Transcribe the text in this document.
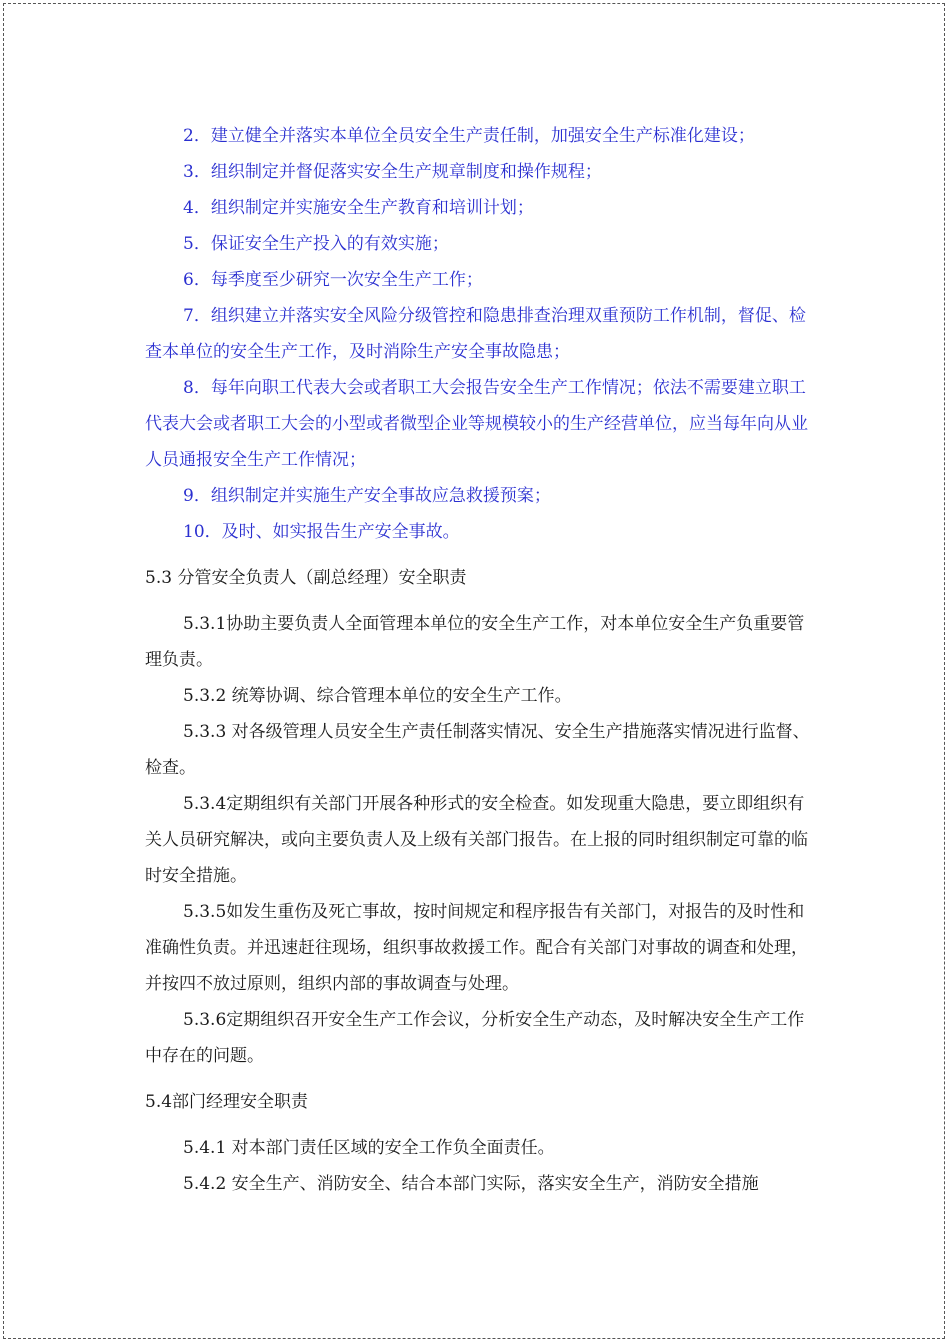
2．建立健全并落实本单位全员安全生产责任制，加强安全生产标准化建设；

3．组织制定并督促落实安全生产规章制度和操作规程；

4．组织制定并实施安全生产教育和培训计划；

5．保证安全生产投入的有效实施；

6．每季度至少研究一次安全生产工作；

7．组织建立并落实安全风险分级管控和隐患排查治理双重预防工作机制，督促、检查本单位的安全生产工作，及时消除生产安全事故隐患；

8．每年向职工代表大会或者职工大会报告安全生产工作情况；依法不需要建立职工代表大会或者职工大会的小型或者微型企业等规模较小的生产经营单位，应当每年向从业人员通报安全生产工作情况；

9．组织制定并实施生产安全事故应急救援预案；

10．及时、如实报告生产安全事故。

5.3 分管安全负责人（副总经理）安全职责

5.3.1协助主要负责人全面管理本单位的安全生产工作，对本单位安全生产负重要管理负责。

5.3.2 统筹协调、综合管理本单位的安全生产工作。

5.3.3 对各级管理人员安全生产责任制落实情况、安全生产措施落实情况进行监督、检查。

5.3.4定期组织有关部门开展各种形式的安全检查。如发现重大隐患，要立即组织有关人员研究解决，或向主要负责人及上级有关部门报告。在上报的同时组织制定可靠的临时安全措施。

5.3.5如发生重伤及死亡事故，按时间规定和程序报告有关部门，对报告的及时性和准确性负责。并迅速赶往现场，组织事故救援工作。配合有关部门对事故的调查和处理，并按四不放过原则，组织内部的事故调查与处理。

5.3.6定期组织召开安全生产工作会议，分析安全生产动态，及时解决安全生产工作中存在的问题。

5.4部门经理安全职责

5.4.1 对本部门责任区域的安全工作负全面责任。

5.4.2 安全生产、消防安全、结合本部门实际，落实安全生产，消防安全措施
